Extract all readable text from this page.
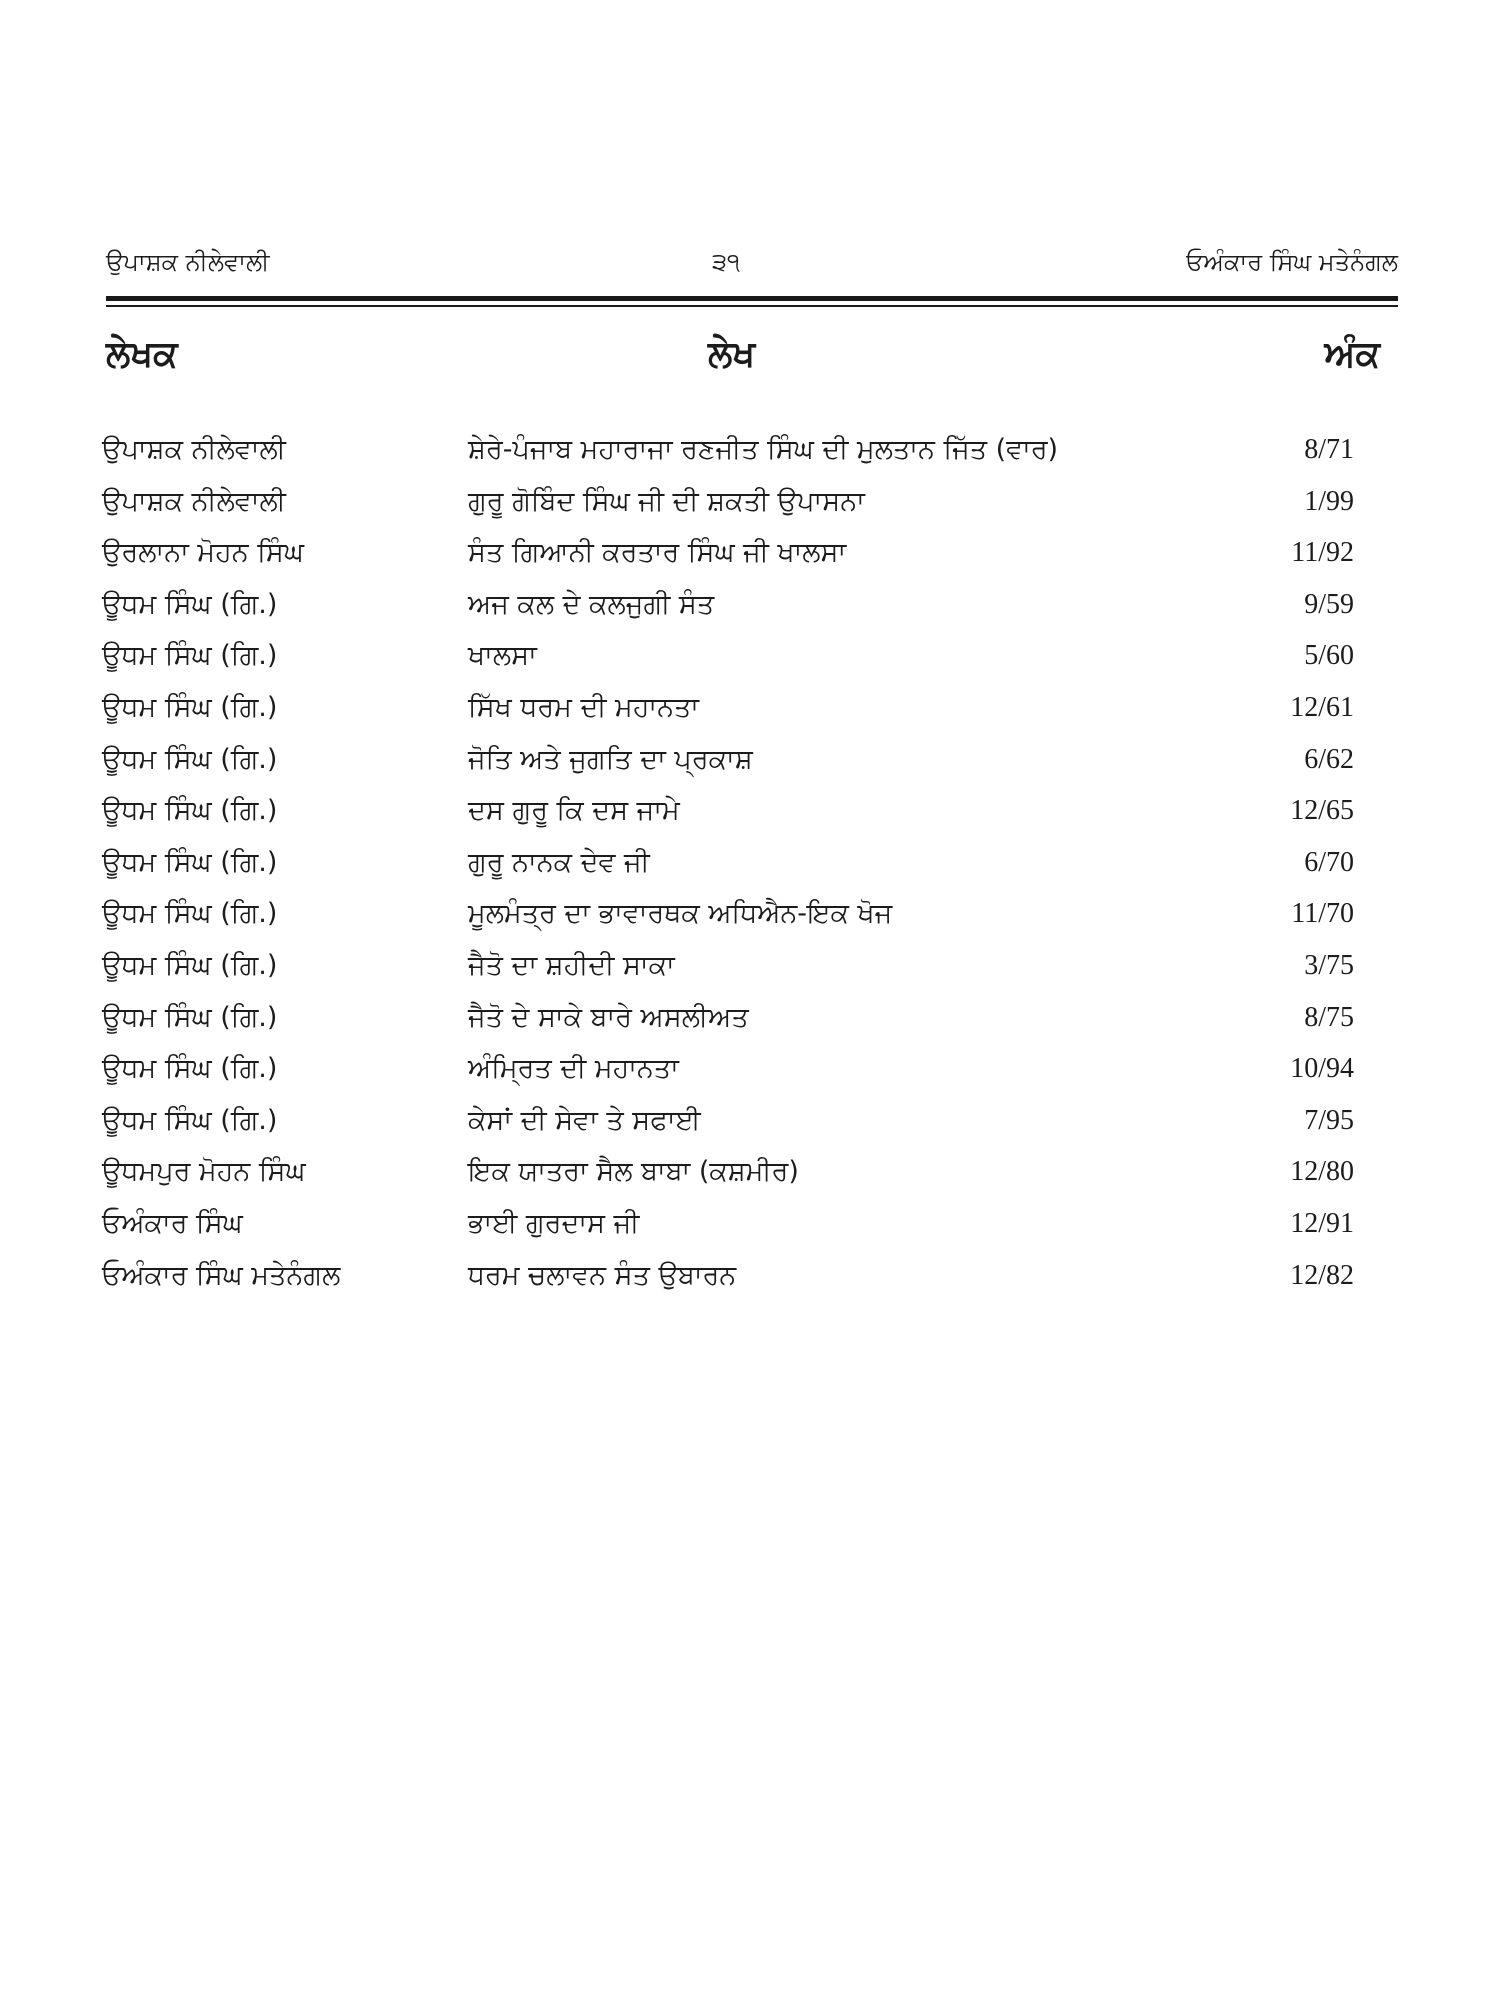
ਉਪਾਸ਼ਕ ਨੀਲੇਵਾਲੀ	੩੧	ਓਅੰਕਾਰ ਸਿੰਘ ਮਤੇਨੰਗਲ
ਲੇਖਕ	ਲੇਖ	ਅੰਕ
ਉਪਾਸ਼ਕ ਨੀਲੇਵਾਲੀ	ਸ਼ੇਰੇ-ਪੰਜਾਬ ਮਹਾਰਾਜਾ ਰਣਜੀਤ ਸਿੰਘ ਦੀ ਮੁਲਤਾਨ ਜਿੱਤ (ਵਾਰ)	8/71
ਉਪਾਸ਼ਕ ਨੀਲੇਵਾਲੀ	ਗੁਰੂ ਗੋਬਿੰਦ ਸਿੰਘ ਜੀ ਦੀ ਸ਼ਕਤੀ ਉਪਾਸਨਾ	1/99
ਉਰਲਾਨਾ ਮੋਹਨ ਸਿੰਘ	ਸੰਤ ਗਿਆਨੀ ਕਰਤਾਰ ਸਿੰਘ ਜੀ ਖਾਲਸਾ	11/92
ਊਧਮ ਸਿੰਘ (ਗਿ.)	ਅਜ ਕਲ ਦੇ ਕਲਜੁਗੀ ਸੰਤ	9/59
ਊਧਮ ਸਿੰਘ (ਗਿ.)	ਖਾਲਸਾ	5/60
ਊਧਮ ਸਿੰਘ (ਗਿ.)	ਸਿੱਖ ਧਰਮ ਦੀ ਮਹਾਨਤਾ	12/61
ਊਧਮ ਸਿੰਘ (ਗਿ.)	ਜੋਤਿ ਅਤੇ ਜੁਗਤਿ ਦਾ ਪ੍ਰਕਾਸ਼	6/62
ਊਧਮ ਸਿੰਘ (ਗਿ.)	ਦਸ ਗੁਰੂ ਕਿ ਦਸ ਜਾਮੇ	12/65
ਊਧਮ ਸਿੰਘ (ਗਿ.)	ਗੁਰੂ ਨਾਨਕ ਦੇਵ ਜੀ	6/70
ਊਧਮ ਸਿੰਘ (ਗਿ.)	ਮੂਲਮੰਤ੍ਰ ਦਾ ਭਾਵਾਰਥਕ ਅਧਿਐਨ-ਇਕ ਖੋਜ	11/70
ਊਧਮ ਸਿੰਘ (ਗਿ.)	ਜੈਤੋ ਦਾ ਸ਼ਹੀਦੀ ਸਾਕਾ	3/75
ਊਧਮ ਸਿੰਘ (ਗਿ.)	ਜੈਤੋ ਦੇ ਸਾਕੇ ਬਾਰੇ ਅਸਲੀਅਤ	8/75
ਊਧਮ ਸਿੰਘ (ਗਿ.)	ਅੰਮ੍ਰਿਤ ਦੀ ਮਹਾਨਤਾ	10/94
ਊਧਮ ਸਿੰਘ (ਗਿ.)	ਕੇਸਾਂ ਦੀ ਸੇਵਾ ਤੇ ਸਫਾਈ	7/95
ਊਧਮਪੁਰ ਮੋਹਨ ਸਿੰਘ	ਇਕ ਯਾਤਰਾ ਸੈਲ ਬਾਬਾ (ਕਸ਼ਮੀਰ)	12/80
ਓਅੰਕਾਰ ਸਿੰਘ	ਭਾਈ ਗੁਰਦਾਸ ਜੀ	12/91
ਓਅੰਕਾਰ ਸਿੰਘ ਮਤੇਨੰਗਲ	ਧਰਮ ਚਲਾਵਨ ਸੰਤ ਉਬਾਰਨ	12/82
